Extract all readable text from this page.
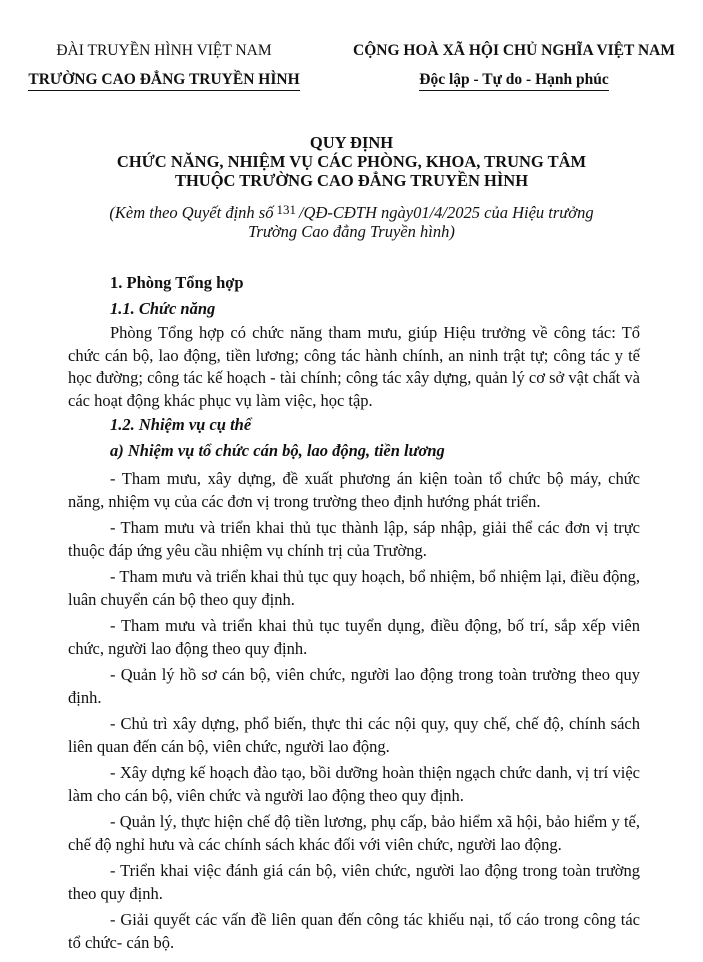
ĐÀI TRUYỀN HÌNH VIỆT NAM
TRƯỜNG CAO ĐẲNG TRUYỀN HÌNH
CỘNG HOÀ XÃ HỘI CHỦ NGHĨA VIỆT NAM
Độc lập - Tự do - Hạnh phúc
QUY ĐỊNH
CHỨC NĂNG, NHIỆM VỤ CÁC PHÒNG, KHOA, TRUNG TÂM
THUỘC TRƯỜNG CAO ĐẲNG TRUYỀN HÌNH
(Kèm theo Quyết định số $^{131}$ /QĐ-CĐTH ngày01/4/2025 của Hiệu trưởng
Trường Cao đẳng Truyền hình)

1. Phòng Tổng hợp

1.1. Chức năng

Phòng Tổng hợp có chức năng tham mưu, giúp Hiệu trưởng về công tác: Tổ chức cán bộ, lao động, tiền lương; công tác hành chính, an ninh trật tự; công tác y tế học đường; công tác kế hoạch - tài chính; công tác xây dựng, quản lý cơ sở vật chất và các hoạt động khác phục vụ làm việc, học tập.

1.2. Nhiệm vụ cụ thể

a) Nhiệm vụ tổ chức cán bộ, lao động, tiền lương

- Tham mưu, xây dựng, đề xuất phương án kiện toàn tổ chức bộ máy, chức năng, nhiệm vụ của các đơn vị trong trường theo định hướng phát triển.

- Tham mưu và triển khai thủ tục thành lập, sáp nhập, giải thể các đơn vị trực thuộc đáp ứng yêu cầu nhiệm vụ chính trị của Trường.

- Tham mưu và triển khai thủ tục quy hoạch, bổ nhiệm, bổ nhiệm lại, điều động, luân chuyển cán bộ theo quy định.

- Tham mưu và triển khai thủ tục tuyển dụng, điều động, bố trí, sắp xếp viên chức, người lao động theo quy định.

- Quản lý hồ sơ cán bộ, viên chức, người lao động trong toàn trường theo quy định.

- Chủ trì xây dựng, phổ biến, thực thi các nội quy, quy chế, chế độ, chính sách liên quan đến cán bộ, viên chức, người lao động.

- Xây dựng kế hoạch đào tạo, bồi dưỡng hoàn thiện ngạch chức danh, vị trí việc làm cho cán bộ, viên chức và người lao động theo quy định.

- Quản lý, thực hiện chế độ tiền lương, phụ cấp, bảo hiểm xã hội, bảo hiểm y tế, chế độ nghỉ hưu và các chính sách khác đối với viên chức, người lao động.

- Triển khai việc đánh giá cán bộ, viên chức, người lao động trong toàn trường theo quy định.

- Giải quyết các vấn đề liên quan đến công tác khiếu nại, tố cáo trong công tác tổ chức- cán bộ.
